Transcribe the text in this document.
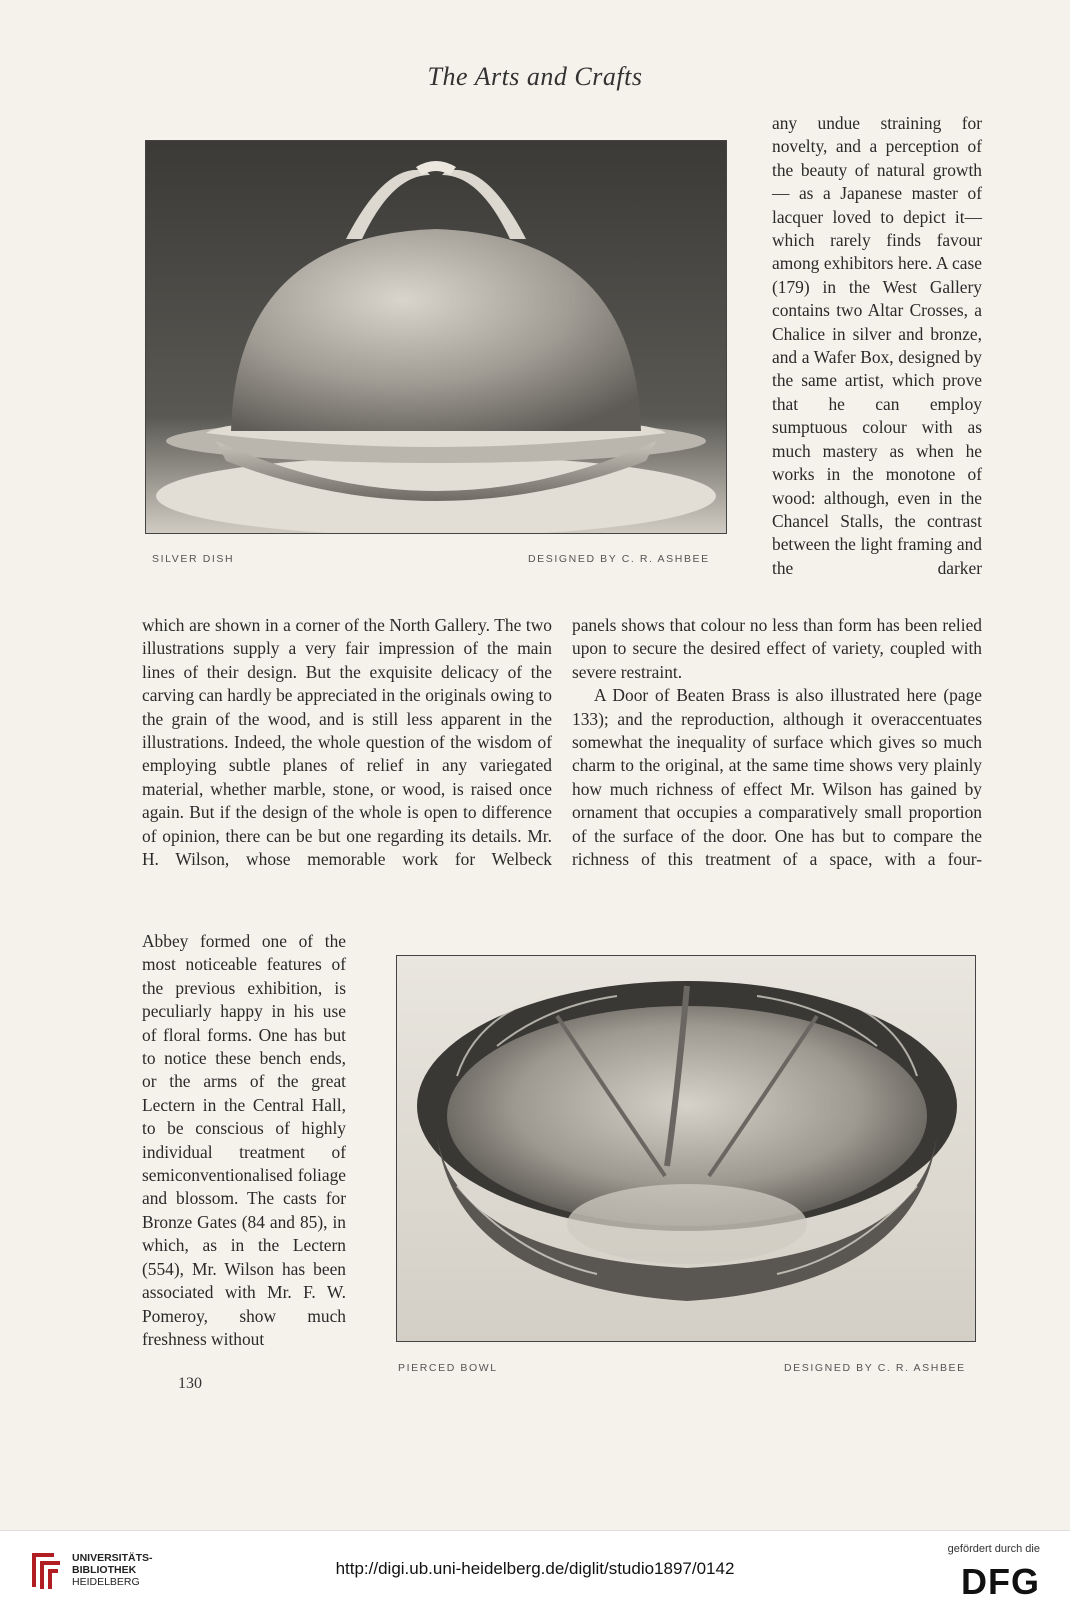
The Arts and Crafts
SILVER DISH	DESIGNED BY C. R. ASHBEE

any undue straining for novelty, and a perception of the beauty of natural growth — as a Japanese master of lacquer loved to depict it—which rarely finds favour among exhibitors here. A case (179) in the West Gallery contains two Altar Crosses, a Chalice in silver and bronze, and a Wafer Box, designed by the same artist, which prove that he can employ sumptuous colour with as much mastery as when he works in the monotone of wood: although, even in the Chancel Stalls, the contrast between the light framing and the darker

which are shown in a corner of the North Gallery. The two illustrations supply a very fair impression of the main lines of their design. But the exquisite delicacy of the carving can hardly be appreciated in the originals owing to the grain of the wood, and is still less apparent in the illustrations. Indeed, the whole question of the wisdom of employing subtle planes of relief in any variegated material, whether marble, stone, or wood, is raised once again. But if the design of the whole is open to difference of opinion, there can be but one regarding its details. Mr. H. Wilson, whose memorable work for Welbeck

Abbey formed one of the most noticeable features of the previous exhibition, is peculiarly happy in his use of floral forms. One has but to notice these bench ends, or the arms of the great Lectern in the Central Hall, to be conscious of highly individual treatment of semiconventionalised foliage and blossom. The casts for Bronze Gates (84 and 85), in which, as in the Lectern (554), Mr. Wilson has been associated with Mr. F. W. Pomeroy, show much freshness without

panels shows that colour no less than form has been relied upon to secure the desired effect of variety, coupled with severe restraint.

A Door of Beaten Brass is also illustrated here (page 133); and the reproduction, although it overaccentuates somewhat the inequality of surface which gives so much charm to the original, at the same time shows very plainly how much richness of effect Mr. Wilson has gained by ornament that occupies a comparatively small proportion of the surface of the door. One has but to compare the richness of this treatment of a space, with a four-

PIERCED BOWL	DESIGNED BY C. R. ASHBEE
130
UNIVERSITÄTS-
BIBLIOTHEK
HEIDELBERG
http://digi.ub.uni-heidelberg.de/diglit/studio1897/0142
gefördert durch die
DFG
